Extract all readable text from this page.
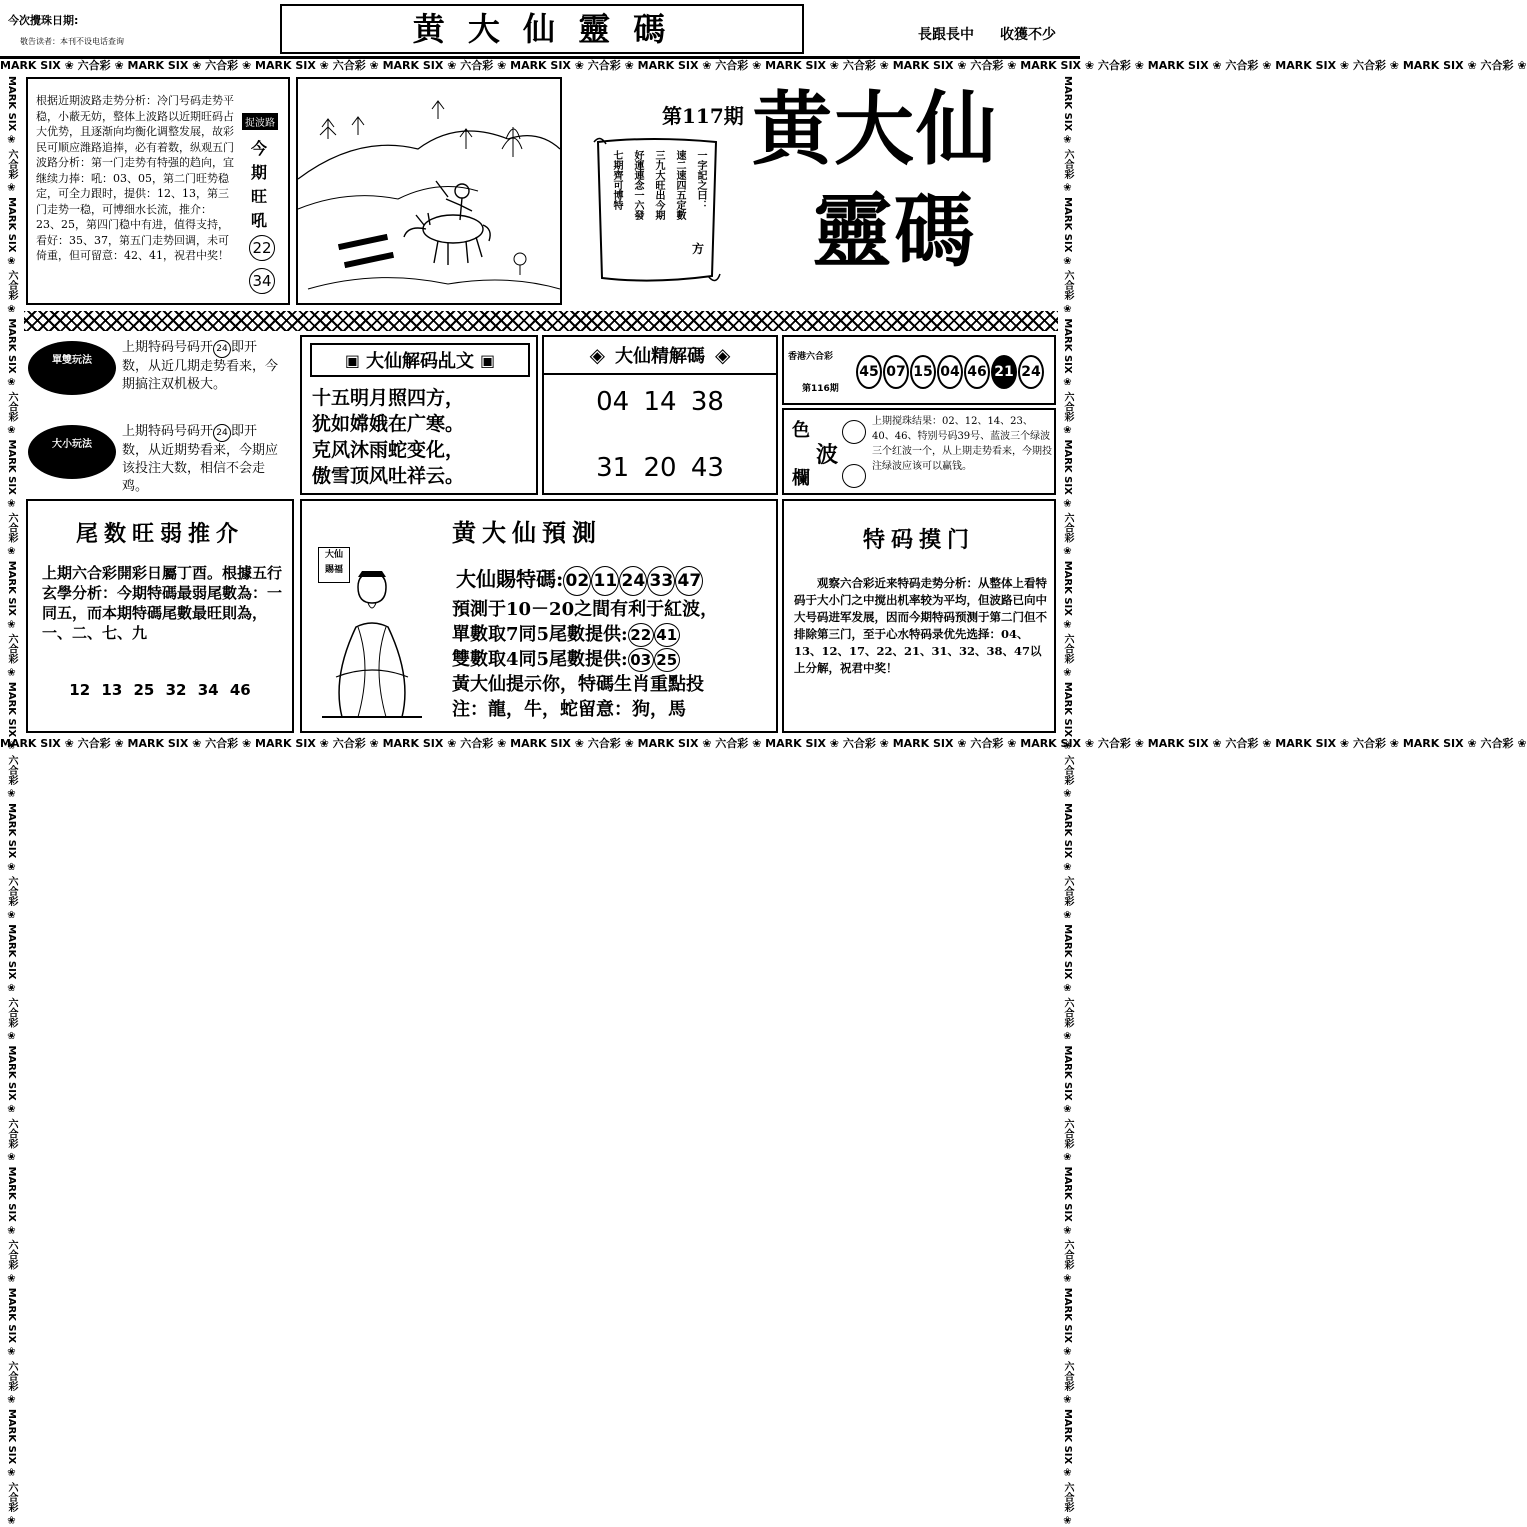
今次攪珠日期:
敬告读者：本刊不设电话查询	黄 大 仙 靈 碼	長跟長中 收獲不少
MARK SIX ❀ 六合彩 ❀ MARK SIX ❀ 六合彩 ❀ MARK SIX ❀ 六合彩 ❀ MARK SIX ❀ 六合彩 ❀ MARK SIX ❀ 六合彩 ❀ MARK SIX ❀ 六合彩 ❀ MARK SIX ❀ 六合彩 ❀ MARK SIX ❀ 六合彩 ❀ MARK SIX ❀ 六合彩 ❀ MARK SIX ❀ 六合彩 ❀ MARK SIX ❀ 六合彩 ❀ MARK SIX ❀ 六合彩 ❀
MARK SIX ❀ 六合彩 ❀ MARK SIX ❀ 六合彩 ❀ MARK SIX ❀ 六合彩 ❀ MARK SIX ❀ 六合彩 ❀ MARK SIX ❀ 六合彩 ❀ MARK SIX ❀ 六合彩 ❀ MARK SIX ❀ 六合彩 ❀ MARK SIX ❀ 六合彩 ❀ MARK SIX ❀ 六合彩 ❀ MARK SIX ❀ 六合彩 ❀ MARK SIX ❀ 六合彩 ❀ MARK SIX ❀ 六合彩 ❀
MARK SIX ❀ 六合彩 ❀ MARK SIX ❀ 六合彩 ❀ MARK SIX ❀ 六合彩 ❀ MARK SIX ❀ 六合彩 ❀ MARK SIX ❀ 六合彩 ❀ MARK SIX ❀ 六合彩 ❀ MARK SIX ❀ 六合彩 ❀ MARK SIX ❀ 六合彩 ❀ MARK SIX ❀ 六合彩 ❀ MARK SIX ❀ 六合彩 ❀ MARK SIX ❀ 六合彩 ❀ MARK SIX ❀ 六合彩 ❀	MARK SIX ❀ 六合彩 ❀ MARK SIX ❀ 六合彩 ❀ MARK SIX ❀ 六合彩 ❀ MARK SIX ❀ 六合彩 ❀ MARK SIX ❀ 六合彩 ❀ MARK SIX ❀ 六合彩 ❀ MARK SIX ❀ 六合彩 ❀ MARK SIX ❀ 六合彩 ❀ MARK SIX ❀ 六合彩 ❀ MARK SIX ❀ 六合彩 ❀ MARK SIX ❀ 六合彩 ❀ MARK SIX ❀ 六合彩 ❀
根据近期波路走势分析：冷门号码走势平稳，小蔽无妨，整体上波路以近期旺码占大优势，且逐渐向均衡化调整发展，故彩民可顺应潍路追捧，必有着数，纵观五门波路分析：第一门走势有特强的趋向，宜继续力捧：吼：03、05，第二门旺势稳定，可全力跟时，提供：12、13，第三门走势一稳，可博细水长流，推介：23、25，第四门稳中有进，值得支持，看好：35、37，第五门走势回调，未可倚重，但可留意：42、41，祝君中奖！
捉波路
今期旺吼
22
34
第117期
一字記之曰：
速二速四五定數
三九大旺出今期
好運連念一六發
七期齊可博特
方
黄大仙
靈碼
單雙玩法
上期特码号码开 24 即开　数，从近几期走势看来，今期搞注双机极大。
大小玩法
上期特码号码开 24 即开　数，从近期势看来，今期应该投注大数，相信不会走鸡。
▣ 大仙解码乩文 ▣
十五明月照四方，
犹如嫦娥在广寒。
克风沐雨蛇变化，
傲雪顶风吐祥云。
◈ 大仙精解碼 ◈
04 14 38
31 20 43
香港六合彩
第116期
45 07 15 04 46 21 24
色
波
欄
上期搅珠结果：02、12、14、23、40、46、特别号码39号、蓝波三个绿波三个红波一个，从上期走势看来，今期投注绿波应该可以赢钱。
尾数旺弱推介
上期六合彩開彩日屬丁酉。根據五行玄學分析：今期特碼最弱尾數為：一同五，而本期特碼尾數最旺則為，一、二、七、九
12 13 25 32 34 46
黄大仙預測
大仙
賜福	大仙賜特碼: 02 11 24 33 47
預測于10－20之間有利于紅波，
單數取7同5尾數提供: 22 41
雙數取4同5尾數提供: 03 25
黃大仙提示你，特碼生肖重點投
注：龍，牛，蛇留意：狗，馬
特码摸门
观察六合彩近来特码走势分析：从整体上看特码于大小门之中搅出机率较为平均，但波路已向中大号码进军发展，因而今期特码预测于第二门但不排除第三门，至于心水特码录优先选择：04、13、12、17、22、21、31、32、38、47以上分解，祝君中奖！
